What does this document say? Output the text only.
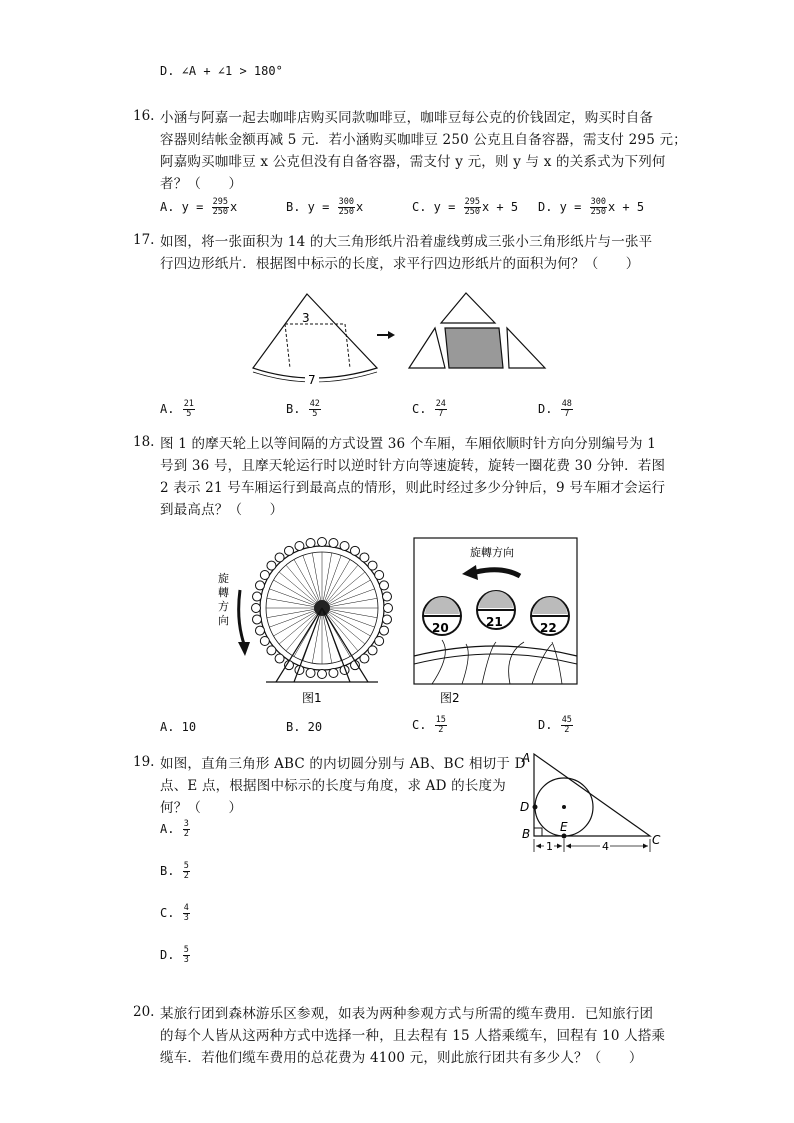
D. ∠A + ∠1 > 180°
16. 小涵与阿嘉一起去咖啡店购买同款咖啡豆，咖啡豆每公克的价钱固定，购买时自备
容器则结帐金额再减 5 元．若小涵购买咖啡豆 250 公克且自备容器，需支付 295 元；
阿嘉购买咖啡豆 x 公克但没有自备容器，需支付 y 元，则 y 与 x 的关系式为下列何
者？（　　）
A. $y = \frac{295}{250}$ x	B. $y = \frac{300}{250}$ x	C. $y = \frac{295}{250}$ x + 5 D. $y = \frac{300}{250}$ x + 5
17. 如图，将一张面积为 14 的大三角形纸片沿着虚线剪成三张小三角形纸片与一张平
行四边形纸片．根据图中标示的长度，求平行四边形纸片的面积为何？（　　）
3
7
A. $\frac{21}{5}$	B. $\frac{42}{5}$	C. $\frac{24}{7}$	D. $\frac{48}{7}$
18. 图 1 的摩天轮上以等间隔的方式设置 36 个车厢，车厢依顺时针方向分别编号为 1
号到 36 号，且摩天轮运行时以逆时针方向等速旋转，旋转一圈花费 30 分钟．若图
2 表示 21 号车厢运行到最高点的情形，则此时经过多少分钟后，9 号车厢才会运行
到最高点？（　　）
旋
轉
方
向
图1
旋轉方向
20	21	22
图2
A. 10	B. 20	C. $\frac{15}{2}$	D. $\frac{45}{2}$
19. 如图，直角三角形 ABC 的内切圆分别与 AB、BC 相切于 D
点、E 点，根据图中标示的长度与角度，求 AD 的长度为
何？（　　）
A
D
B E
C
1	4
A. $\frac{3}{2}$
B. $\frac{5}{2}$
C. $\frac{4}{3}$
D. $\frac{5}{3}$
20. 某旅行团到森林游乐区参观，如表为两种参观方式与所需的缆车费用．已知旅行团
的每个人皆从这两种方式中选择一种，且去程有 15 人搭乘缆车，回程有 10 人搭乘
缆车．若他们缆车费用的总花费为 4100 元，则此旅行团共有多少人？（　　）
